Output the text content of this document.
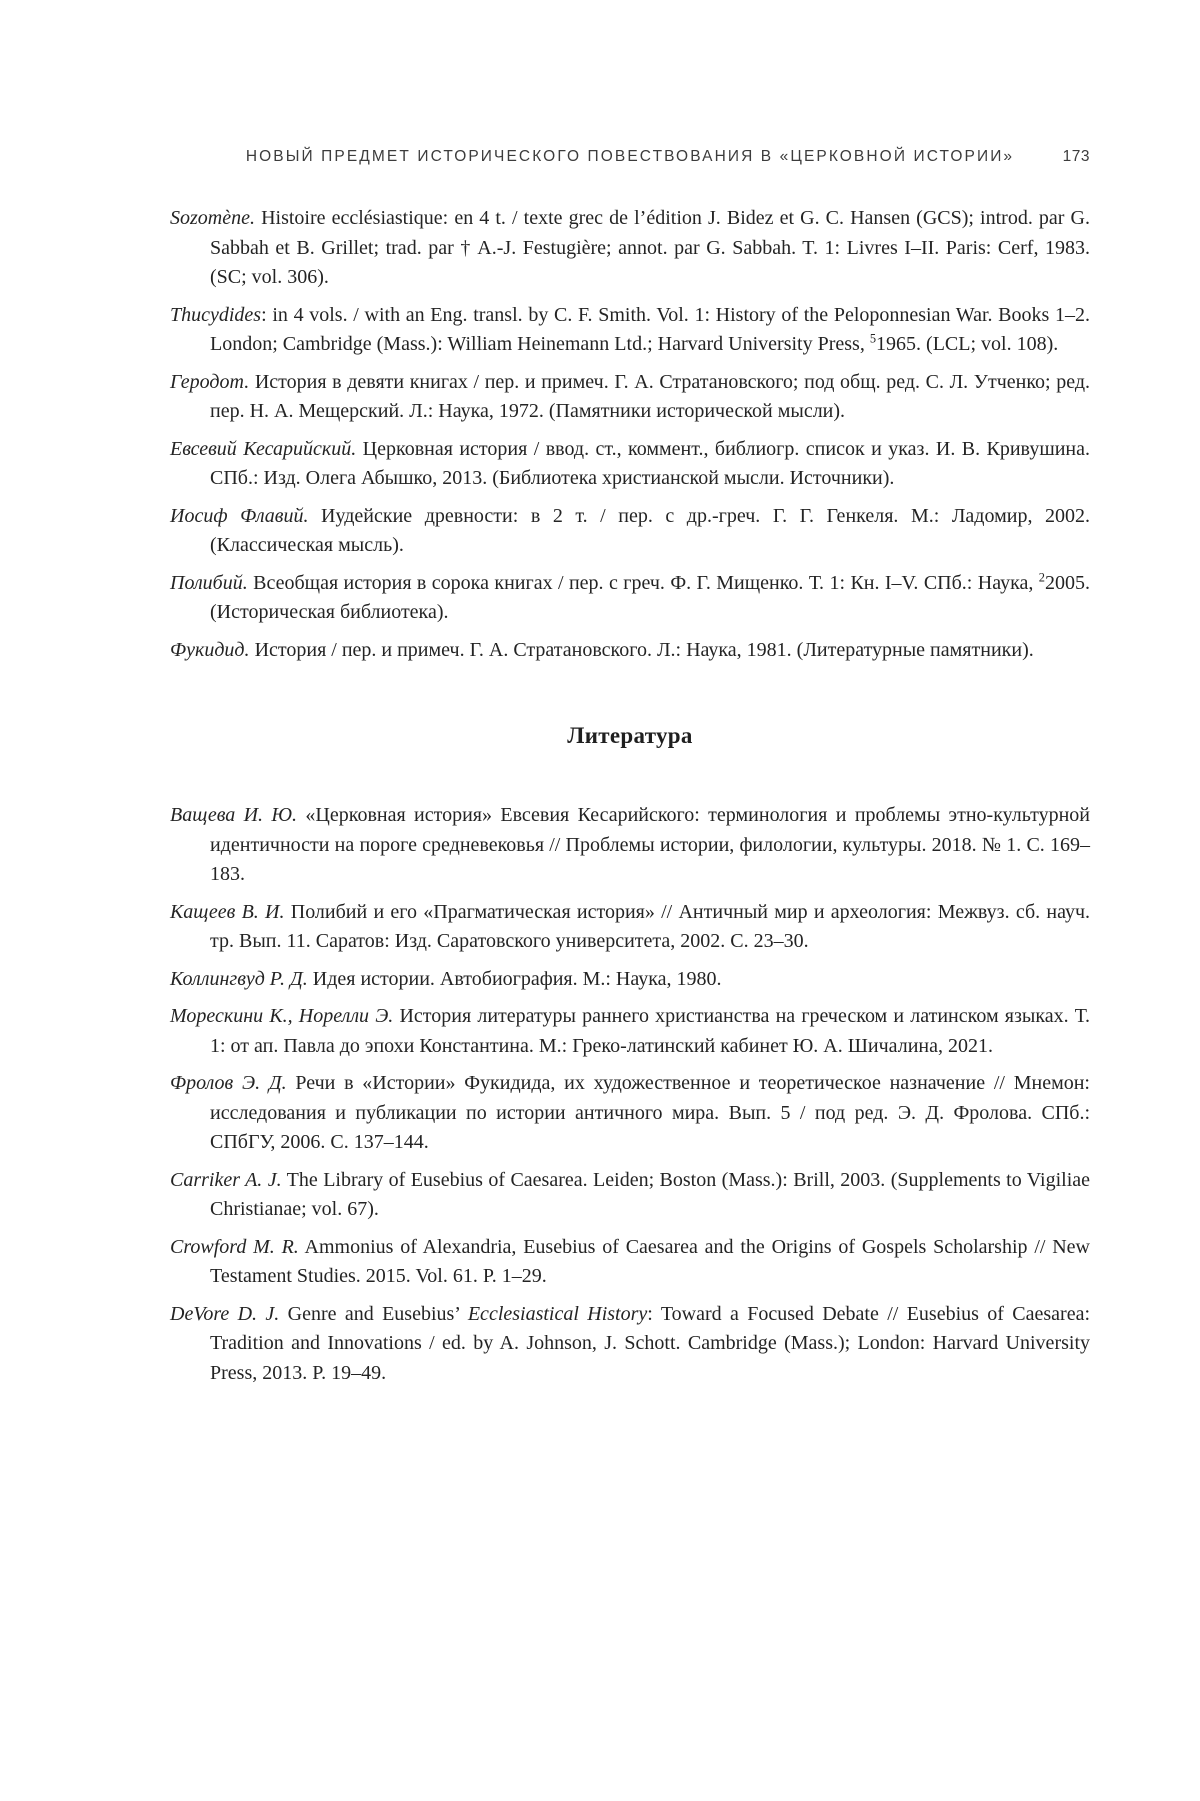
НОВЫЙ ПРЕДМЕТ ИСТОРИЧЕСКОГО ПОВЕСТВОВАНИЯ В «ЦЕРКОВНОЙ ИСТОРИИ»	173

Sozomène. Histoire ecclésiastique: en 4 t. / texte grec de l’édition J. Bidez et G. C. Hansen (GCS); introd. par G. Sabbah et B. Grillet; trad. par † A.-J. Festugière; annot. par G. Sabbah. T. 1: Livres I–II. Paris: Cerf, 1983. (SC; vol. 306).

Thucydides: in 4 vols. / with an Eng. transl. by C. F. Smith. Vol. 1: History of the Peloponnesian War. Books 1–2. London; Cambridge (Mass.): William Heinemann Ltd.; Harvard University Press, $^5$1965. (LCL; vol. 108).

Геродот. История в девяти книгах / пер. и примеч. Г. А. Стратановского; под общ. ред. С. Л. Утченко; ред. пер. Н. А. Мещерский. Л.: Наука, 1972. (Памятники исторической мысли).

Евсевий Кесарийский. Церковная история / ввод. ст., коммент., библиогр. список и указ. И. В. Кривушина. СПб.: Изд. Олега Абышко, 2013. (Библиотека христианской мысли. Источники).

Иосиф Флавий. Иудейские древности: в 2 т. / пер. с др.-греч. Г. Г. Генкеля. М.: Ладомир, 2002. (Классическая мысль).

Полибий. Всеобщая история в сорока книгах / пер. с греч. Ф. Г. Мищенко. Т. 1: Кн. I–V. СПб.: Наука, $^2$2005. (Историческая библиотека).

Фукидид. История / пер. и примеч. Г. А. Стратановского. Л.: Наука, 1981. (Литературные памятники).

Литература

Ващева И. Ю. «Церковная история» Евсевия Кесарийского: терминология и проблемы этно-культурной идентичности на пороге средневековья // Проблемы истории, филологии, культуры. 2018. № 1. С. 169–183.

Кащеев В. И. Полибий и его «Прагматическая история» // Античный мир и археология: Межвуз. сб. науч. тр. Вып. 11. Саратов: Изд. Саратовского университета, 2002. С. 23–30.

Коллингвуд Р. Д. Идея истории. Автобиография. М.: Наука, 1980.

Морескини К., Норелли Э. История литературы раннего христианства на греческом и латинском языках. Т. 1: от ап. Павла до эпохи Константина. М.: Греко-латинский кабинет Ю. А. Шичалина, 2021.

Фролов Э. Д. Речи в «Истории» Фукидида, их художественное и теоретическое назначение // Мнемон: исследования и публикации по истории античного мира. Вып. 5 / под ред. Э. Д. Фролова. СПб.: СПбГУ, 2006. С. 137–144.

Carriker A. J. The Library of Eusebius of Caesarea. Leiden; Boston (Mass.): Brill, 2003. (Supplements to Vigiliae Christianae; vol. 67).

Crowford M. R. Ammonius of Alexandria, Eusebius of Caesarea and the Origins of Gospels Scholarship // New Testament Studies. 2015. Vol. 61. P. 1–29.

DeVore D. J. Genre and Eusebius’ Ecclesiastical History: Toward a Focused Debate // Eusebius of Caesarea: Tradition and Innovations / ed. by A. Johnson, J. Schott. Cambridge (Mass.); London: Harvard University Press, 2013. P. 19–49.
